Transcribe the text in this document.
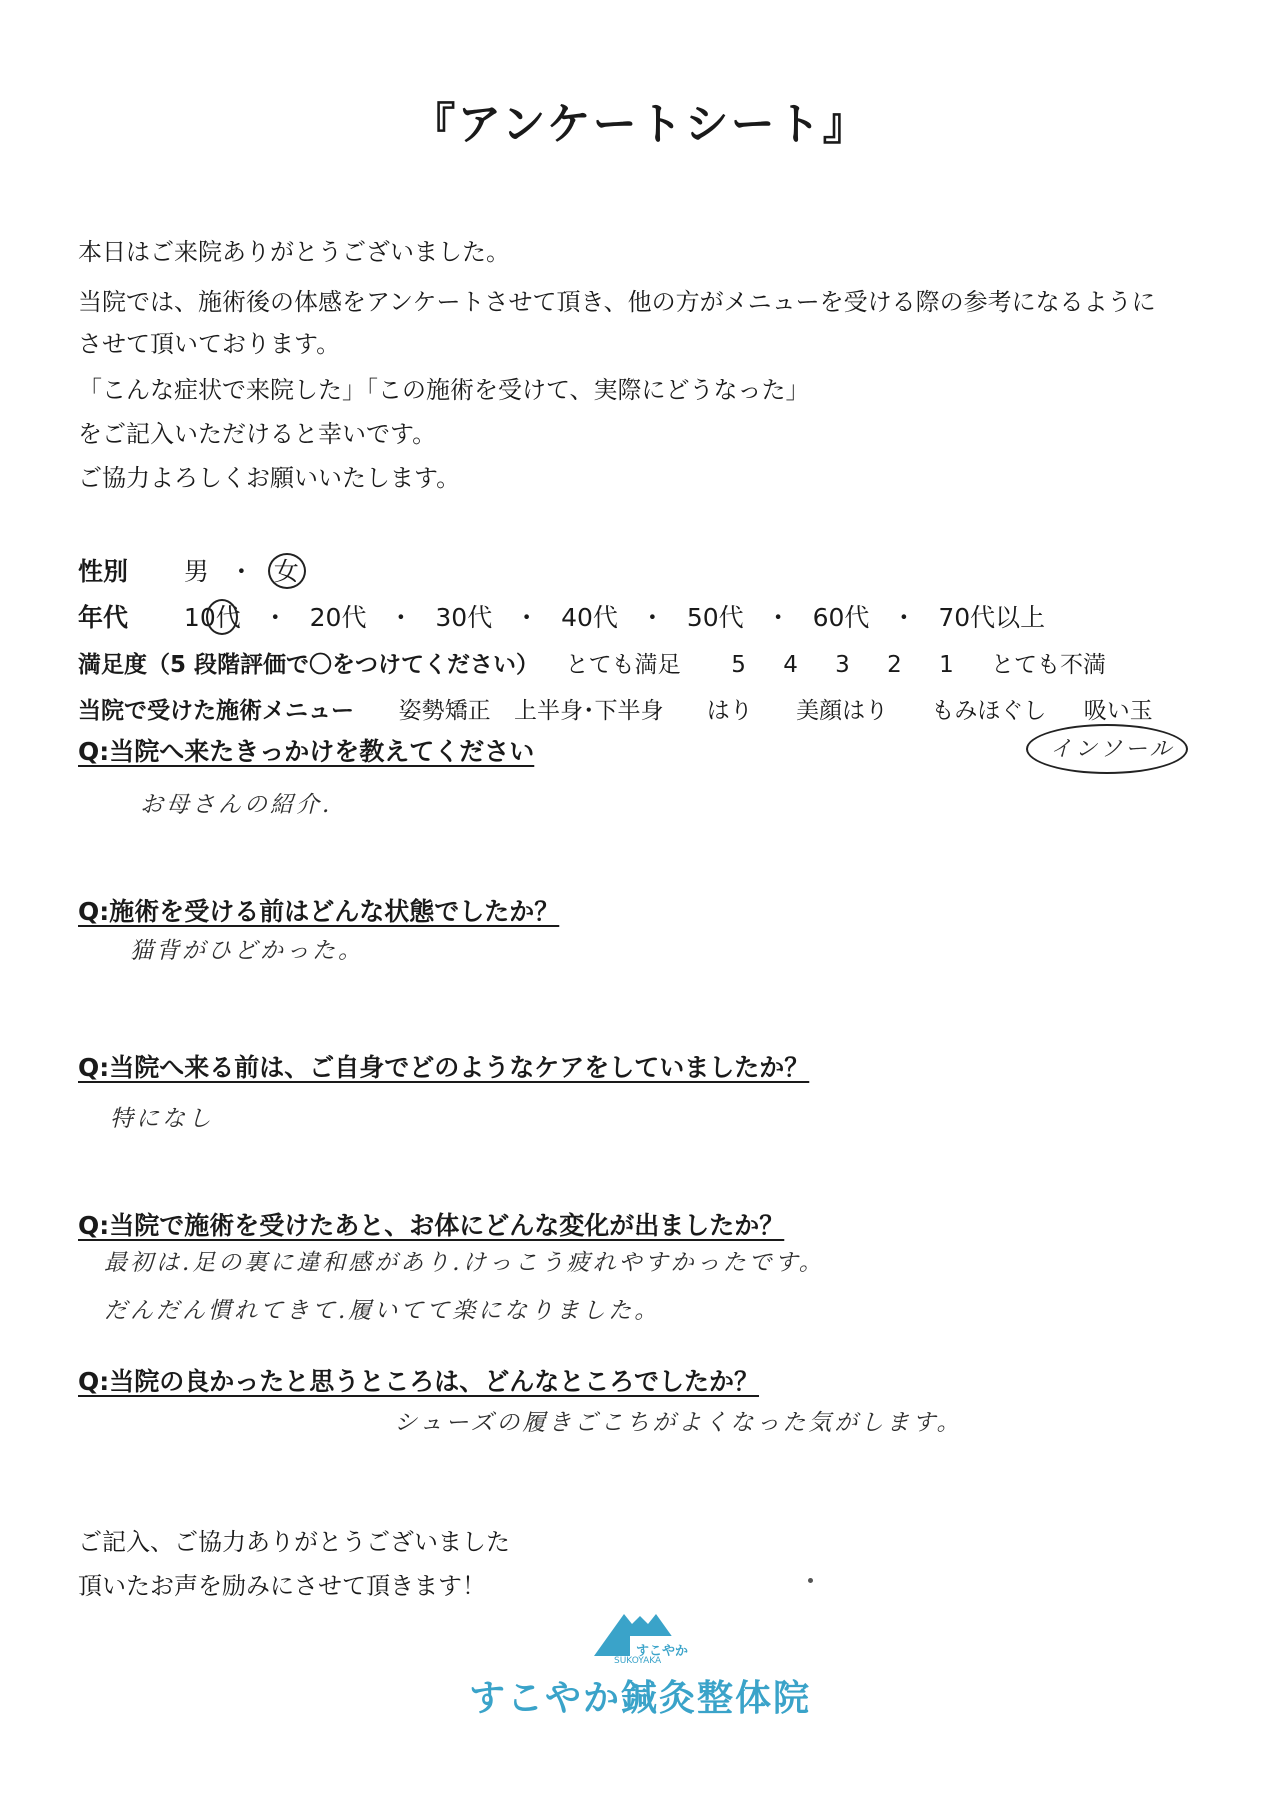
『アンケートシート』
本日はご来院ありがとうございました。
当院では、施術後の体感をアンケートさせて頂き、他の方がメニューを受ける際の参考になるように
させて頂いております。
「こんな症状で来院した」「この施術を受けて、実際にどうなった」
をご記入いただけると幸いです。
ご協力よろしくお願いいたします。
性別 男 ・ 女
年代 10代 ・ 20代 ・ 30代 ・ 40代 ・ 50代 ・ 60代 ・ 70代以上
満足度（5 段階評価で〇をつけてください） とても満足 5 4 3 2 1 とても不満
当院で受けた施術メニュー 姿勢矯正 上半身･下半身 はり 美顔はり もみほぐし 吸い玉
インソール
Q:当院へ来たきっかけを教えてください
お母さんの紹介.
Q:施術を受ける前はどんな状態でしたか？
猫背がひどかった。
Q:当院へ来る前は、ご自身でどのようなケアをしていましたか？
特になし
Q:当院で施術を受けたあと、お体にどんな変化が出ましたか？
最初は.足の裏に違和感があり.けっこう疲れやすかったです。
だんだん慣れてきて.履いてて楽になりました。
Q:当院の良かったと思うところは、どんなところでしたか？
シューズの履きごこちがよくなった気がします。
ご記入、ご協力ありがとうございました
頂いたお声を励みにさせて頂きます！
すこやか
SUKOYAKA
すこやか鍼灸整体院
